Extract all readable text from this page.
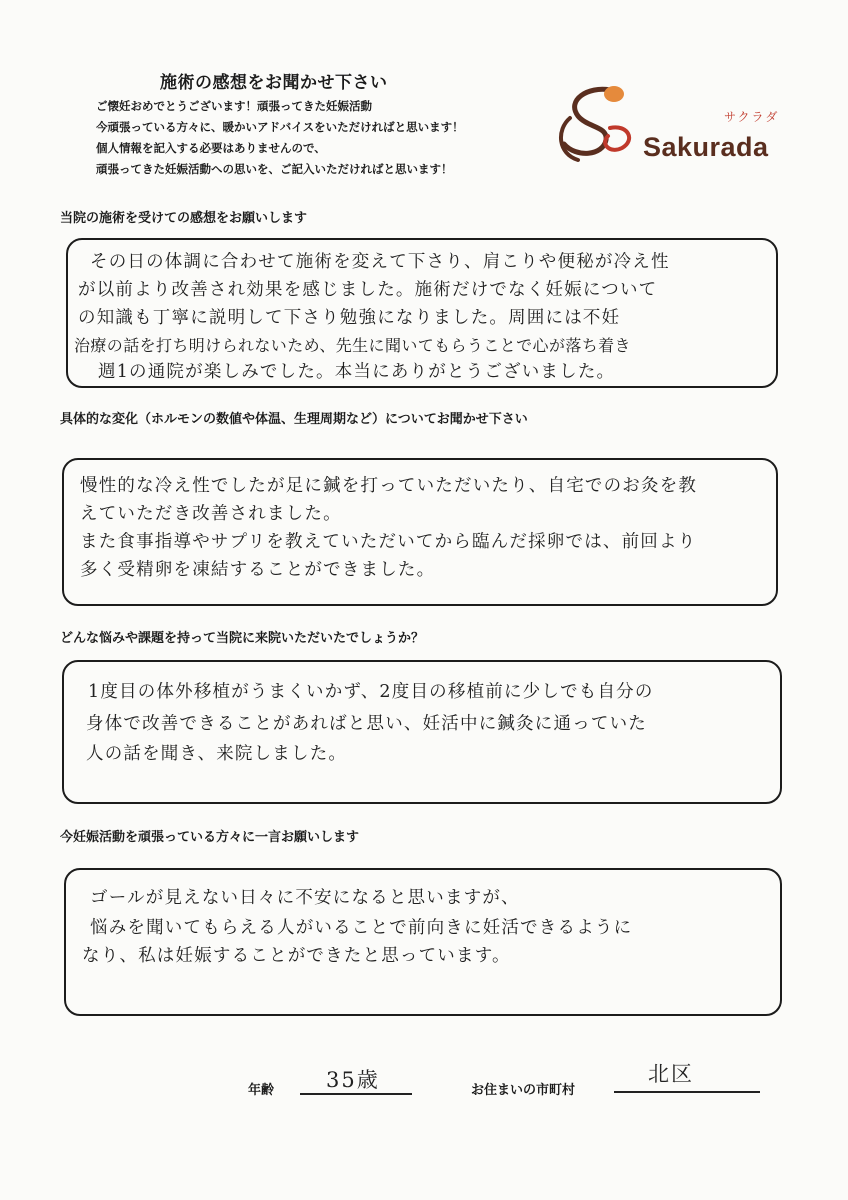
施術の感想をお聞かせ下さい
ご懐妊おめでとうございます！頑張ってきた妊娠活動
今頑張っている方々に、暖かいアドバイスをいただければと思います！
個人情報を記入する必要はありませんので、
頑張ってきた妊娠活動への思いを、ご記入いただければと思います！
Sakurada
サクラダ
当院の施術を受けての感想をお願いします
その日の体調に合わせて施術を変えて下さり、肩こりや便秘が冷え性
が以前より改善され効果を感じました。施術だけでなく妊娠について
の知識も丁寧に説明して下さり勉強になりました。周囲には不妊
治療の話を打ち明けられないため、先生に聞いてもらうことで心が落ち着き
週1の通院が楽しみでした。本当にありがとうございました。
具体的な変化（ホルモンの数値や体温、生理周期など）についてお聞かせ下さい
慢性的な冷え性でしたが足に鍼を打っていただいたり、自宅でのお灸を教
えていただき改善されました。
また食事指導やサプリを教えていただいてから臨んだ採卵では、前回より
多く受精卵を凍結することができました。
どんな悩みや課題を持って当院に来院いただいたでしょうか？
1度目の体外移植がうまくいかず、2度目の移植前に少しでも自分の
身体で改善できることがあればと思い、妊活中に鍼灸に通っていた
人の話を聞き、来院しました。
今妊娠活動を頑張っている方々に一言お願いします
ゴールが見えない日々に不安になると思いますが、
悩みを聞いてもらえる人がいることで前向きに妊活できるように
なり、私は妊娠することができたと思っています。
年齢 35歳	お住まいの市町村
北区
